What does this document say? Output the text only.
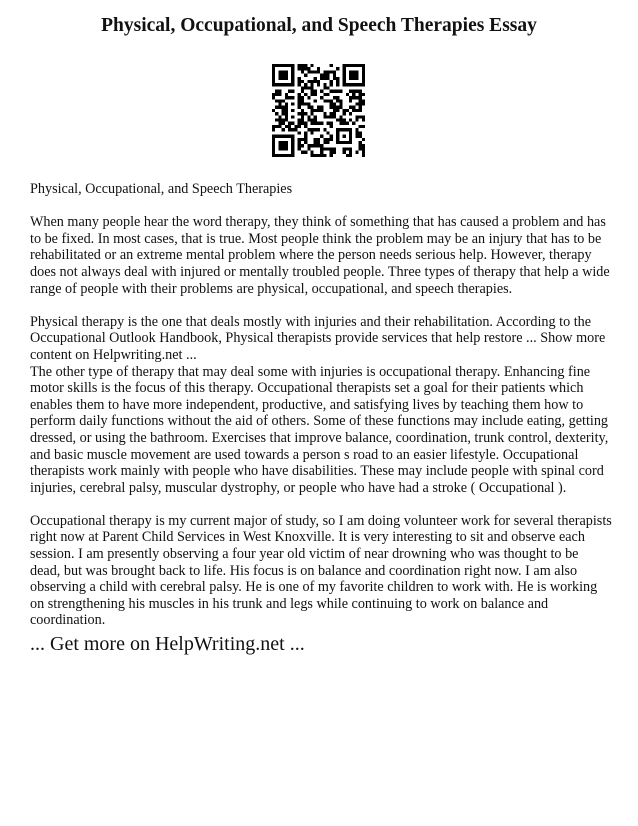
Physical, Occupational, and Speech Therapies Essay

Physical, Occupational, and Speech Therapies

When many people hear the word therapy, they think of something that has caused a problem and has to be fixed. In most cases, that is true. Most people think the problem may be an injury that has to be rehabilitated or an extreme mental problem where the person needs serious help. However, therapy does not always deal with injured or mentally troubled people. Three types of therapy that help a wide range of people with their problems are physical, occupational, and speech therapies.

Physical therapy is the one that deals mostly with injuries and their rehabilitation. According to the Occupational Outlook Handbook, Physical therapists provide services that help restore ... Show more content on Helpwriting.net ...

The other type of therapy that may deal some with injuries is occupational therapy. Enhancing fine motor skills is the focus of this therapy. Occupational therapists set a goal for their patients which enables them to have more independent, productive, and satisfying lives by teaching them how to perform daily functions without the aid of others. Some of these functions may include eating, getting dressed, or using the bathroom. Exercises that improve balance, coordination, trunk control, dexterity, and basic muscle movement are used towards a person s road to an easier lifestyle. Occupational therapists work mainly with people who have disabilities. These may include people with spinal cord injuries, cerebral palsy, muscular dystrophy, or people who have had a stroke ( Occupational ).

Occupational therapy is my current major of study, so I am doing volunteer work for several therapists right now at Parent Child Services in West Knoxville. It is very interesting to sit and observe each session. I am presently observing a four year old victim of near drowning who was thought to be dead, but was brought back to life. His focus is on balance and coordination right now. I am also observing a child with cerebral palsy. He is one of my favorite children to work with. He is working on strengthening his muscles in his trunk and legs while continuing to work on balance and coordination.

... Get more on HelpWriting.net ...
